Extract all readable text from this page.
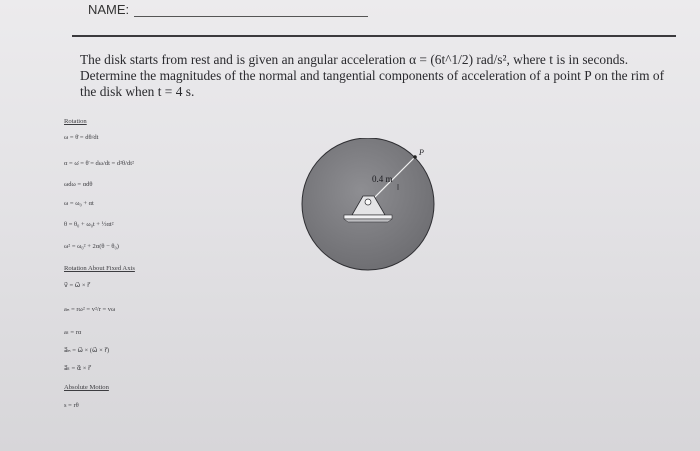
NAME:

The disk starts from rest and is given an angular acceleration α = (6t^1/2) rad/s², where t is in seconds. Determine the magnitudes of the normal and tangential components of acceleration of a point P on the rim of the disk when t = 4 s.

Rotation
ω = θ̇ = dθ/dt
α = ω̇ = θ̈ = dω/dt = d²θ/dt²
ωdω = αdθ
ω = ω₀ + αt
θ = θ₀ + ω₀t + ½αt²
ω² = ω₀² + 2α(θ − θ₀)
Rotation About Fixed Axis
v⃗ = ω⃗ × r⃗
aₙ = rω² = v²/r = vω
aₜ = rα
a⃗ₙ = ω⃗ × (ω⃗ × r⃗)
a⃗ₜ = α⃗ × r⃗
Absolute Motion
s = rθ
P
0.4 m
